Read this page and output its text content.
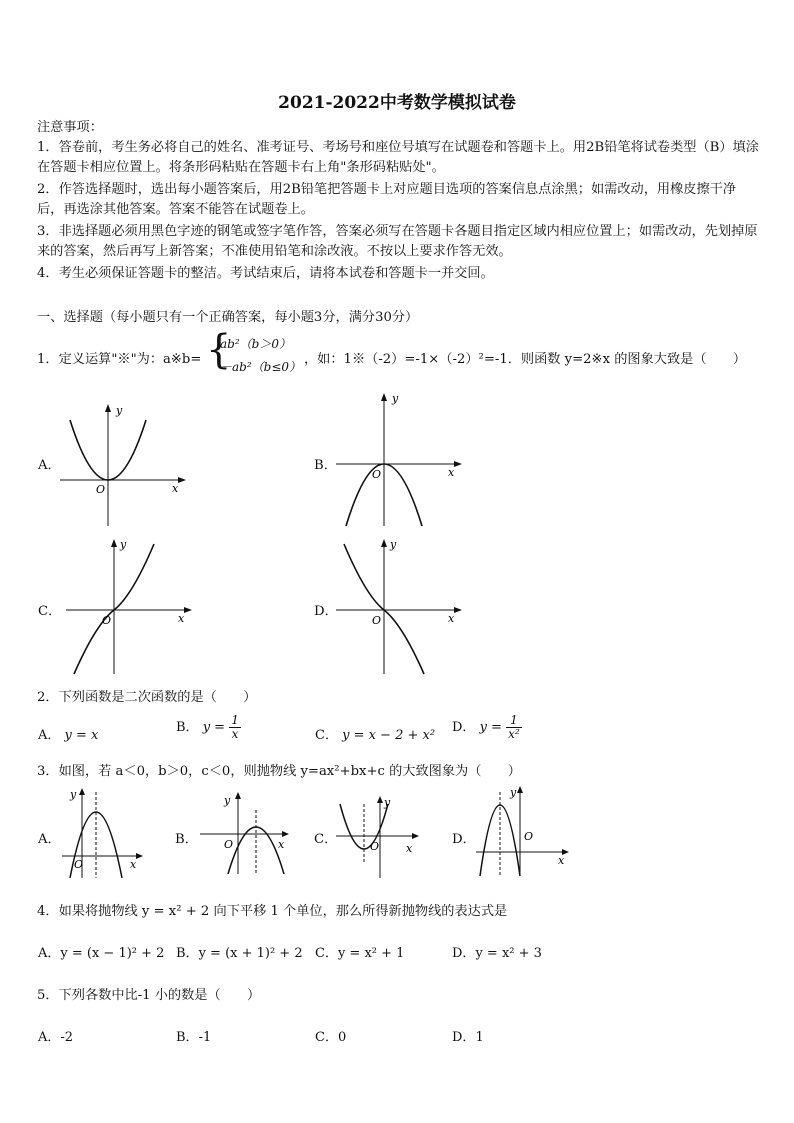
2021-2022中考数学模拟试卷
注意事项：
1．答卷前，考生务必将自己的姓名、准考证号、考场号和座位号填写在试题卷和答题卡上。用2B铅笔将试卷类型（B）填涂在答题卡相应位置上。将条形码粘贴在答题卡右上角"条形码粘贴处"。
2．作答选择题时，选出每小题答案后，用2B铅笔把答题卡上对应题目选项的答案信息点涂黑；如需改动，用橡皮擦干净后，再选涂其他答案。答案不能答在试题卷上。
3．非选择题必须用黑色字迹的钢笔或签字笔作答，答案必须写在答题卡各题目指定区域内相应位置上；如需改动，先划掉原来的答案，然后再写上新答案；不准使用铅笔和涂改液。不按以上要求作答无效。
4．考生必须保证答题卡的整洁。考试结束后，请将本试卷和答题卡一并交回。
一、选择题（每小题只有一个正确答案，每小题3分，满分30分）
1．定义运算"※"为：a※b= {
ab²（b＞0）
－ab²（b≤0） ，如：1※（-2）=-1×（-2）²=-1．则函数 y=2※x 的图象大致是（　　）
A．
y
x
O
B．
y
x
O
C．
y
x
O
D．
y
x
O
2．下列函数是二次函数的是（　　）
A． y = x
B． $y = \frac{1}{x}$	C． y = x − 2 + x²
D． $y = \frac{1}{\text{x²}}$
3．如图，若 a＜0，b＞0，c＜0，则抛物线 y=ax²+bx+c 的大致图象为（　　）
A．
y
x
O
B．
y
x
O	C．
y
x
O	D．
y
x
O
4．如果将抛物线 y = x² + 2 向下平移 1 个单位，那么所得新抛物线的表达式是
A．y = (x − 1)² + 2 B．y = (x + 1)² + 2 C．y = x² + 1	D．y = x² + 3
5．下列各数中比-1 小的数是（　　）
A．-2	B．-1	C．0	D．1
